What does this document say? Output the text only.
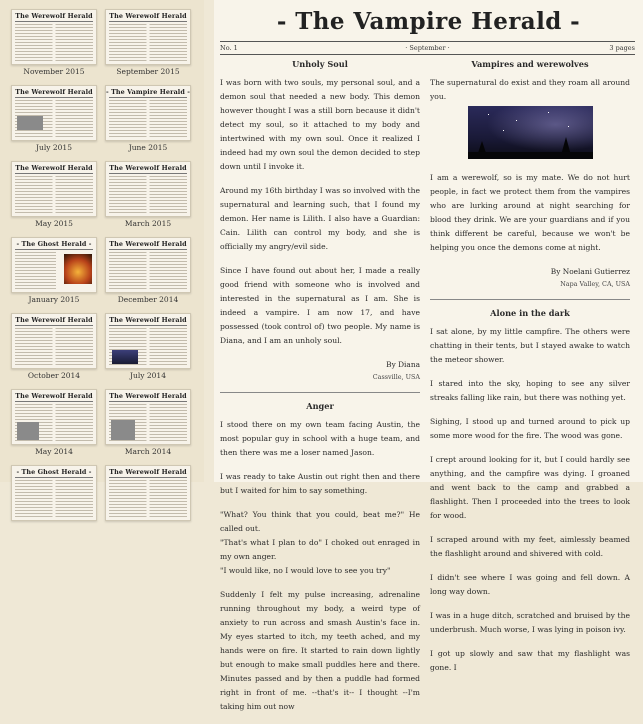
The Werewolf Herald
November 2015
The Werewolf Herald
September 2015
The Werewolf Herald
July 2015
- The Vampire Herald -
June 2015
The Werewolf Herald
May 2015
The Werewolf Herald
March 2015
- The Ghost Herald -
January 2015
The Werewolf Herald
December 2014
The Werewolf Herald
October 2014
The Werewolf Herald
July 2014
The Werewolf Herald
May 2014
The Werewolf Herald
March 2014
- The Ghost Herald -	The Werewolf Herald
- The Vampire Herald -
No. 1	· September ·	3 pages
Unholy Soul

I was born with two souls, my personal soul, and a demon soul that needed a new body. This demon however thought I was a still born because it didn't detect my soul, so it attached to my body and intertwined with my own soul. Once it realized I indeed had my own soul the demon decided to step down until I invoke it.

Around my 16th birthday I was so involved with the supernatural and learning such, that I found my demon. Her name is Lilith. I also have a Guardian: Cain. Lilith can control my body, and she is officially my angry/evil side.

Since I have found out about her, I made a really good friend with someone who is involved and interested in the supernatural as I am. She is indeed a vampire. I am now 17, and have possessed (took control of) two people. My name is Diana, and I am an unholy soul.

By Diana
Cassville, USA
Anger

I stood there on my own team facing Austin, the most popular guy in school with a huge team, and then there was me a loser named Jason.

I was ready to take Austin out right then and there but I waited for him to say something.

"What? You think that you could, beat me?" He called out.

"That's what I plan to do" I choked out enraged in my own anger.

"I would like, no I would love to see you try"

Suddenly I felt my pulse increasing, adrenaline running throughout my body, a weird type of anxiety to run across and smash Austin's face in. My eyes started to itch, my teeth ached, and my hands were on fire. It started to rain down lightly but enough to make small puddles here and there. Minutes passed and by then a puddle had formed right in front of me. --that's it-- I thought --I'm taking him out now

Vampires and werewolves

The supernatural do exist and they roam all around you.

I am a werewolf, so is my mate. We do not hurt people, in fact we protect them from the vampires who are lurking around at night searching for blood they drink. We are your guardians and if you think different be careful, because we won't be helping you once the demons come at night.

By Noelani Gutierrez
Napa Valley, CA, USA
Alone in the dark

I sat alone, by my little campfire. The others were chatting in their tents, but I stayed awake to watch the meteor shower.

I stared into the sky, hoping to see any silver streaks falling like rain, but there was nothing yet.

Sighing, I stood up and turned around to pick up some more wood for the fire. The wood was gone.

I crept around looking for it, but I could hardly see anything, and the campfire was dying. I groaned and went back to the camp and grabbed a flashlight. Then I proceeded into the trees to look for wood.

I scraped around with my feet, aimlessly beamed the flashlight around and shivered with cold.

I didn't see where I was going and fell down. A long way down.

I was in a huge ditch, scratched and bruised by the underbrush. Much worse, I was lying in poison ivy.

I got up slowly and saw that my flashlight was gone. I
